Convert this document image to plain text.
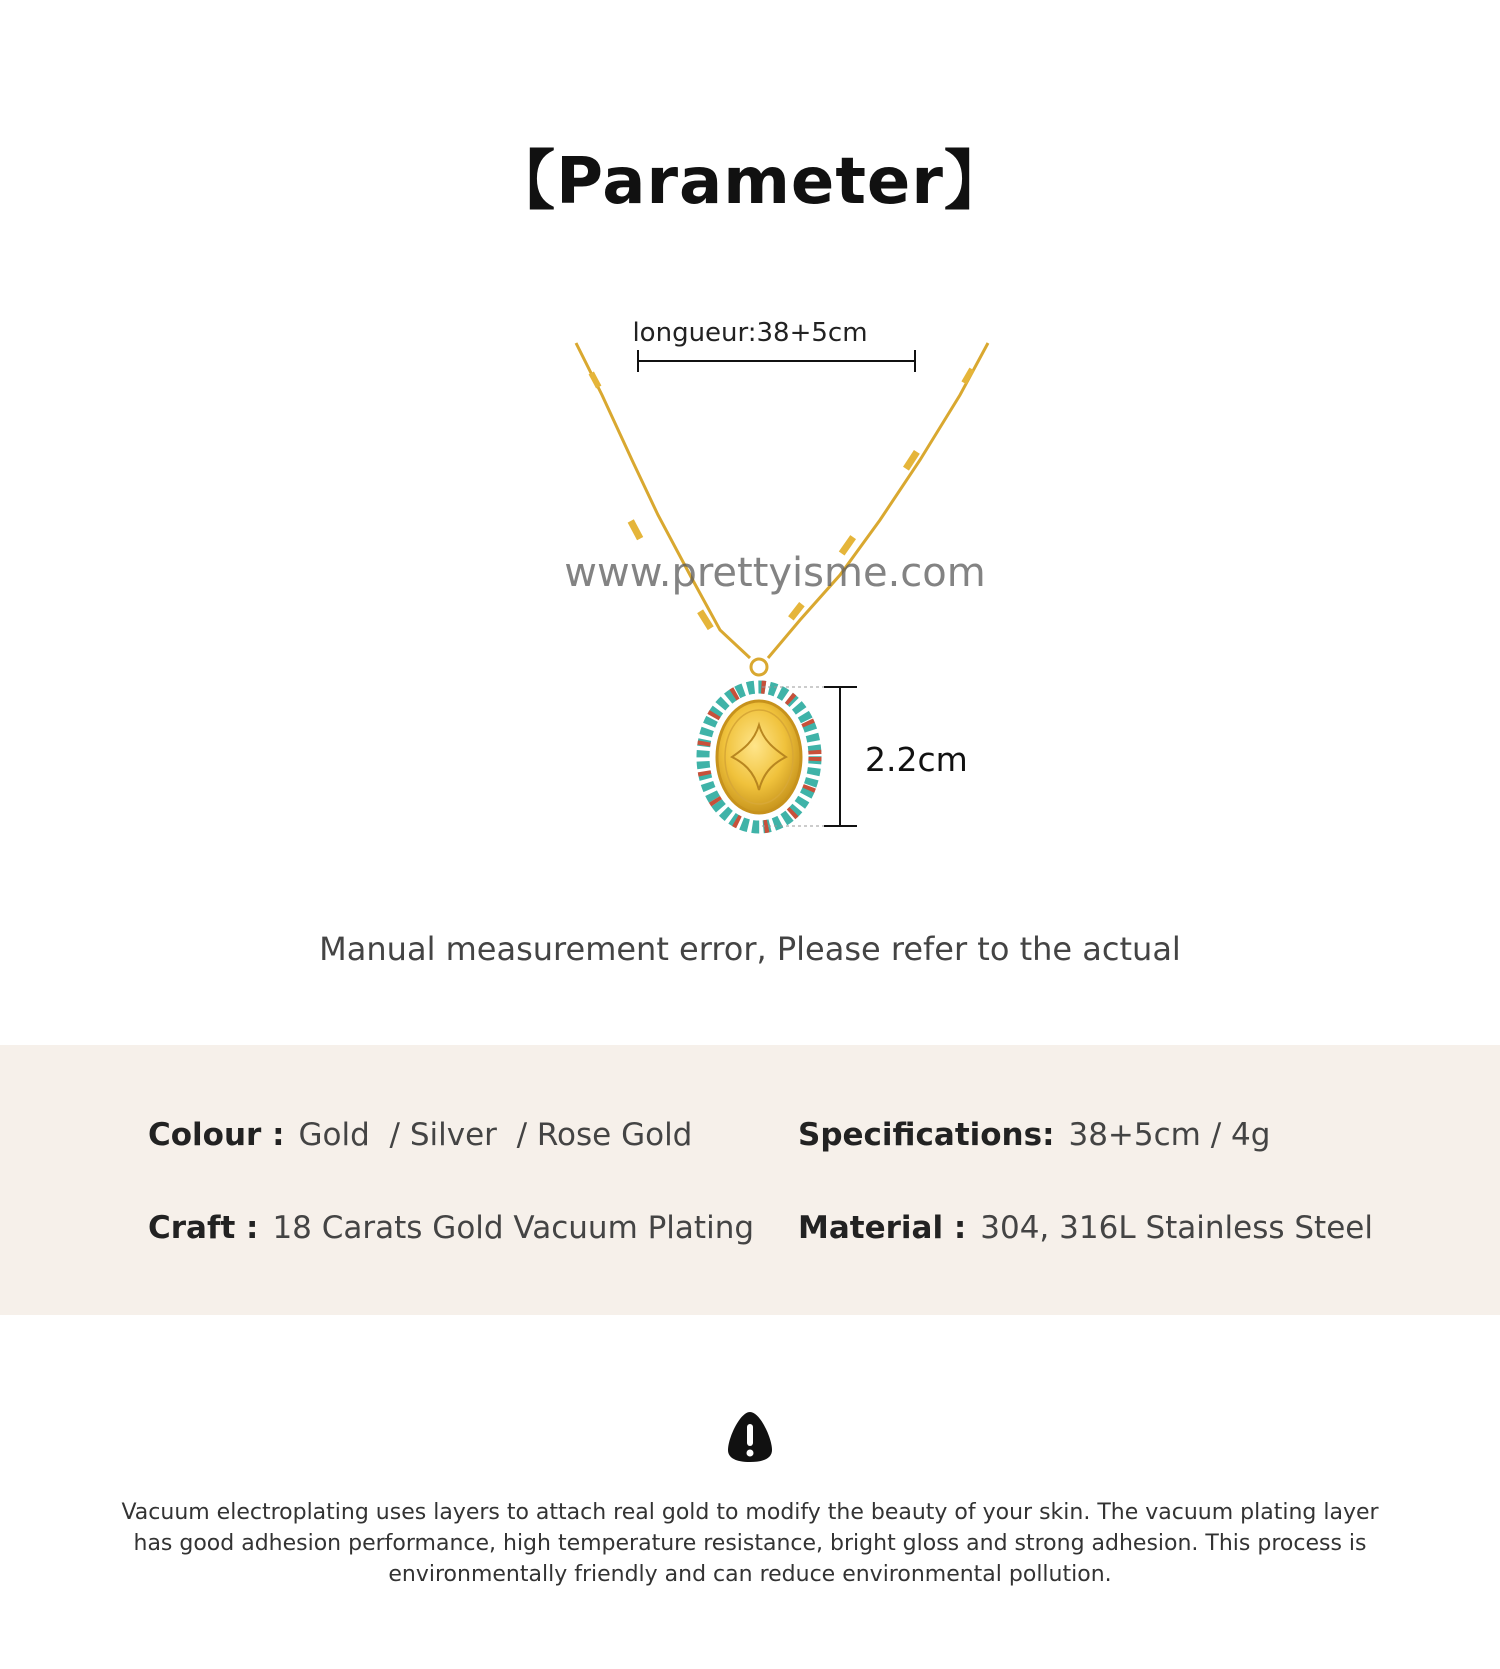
【Parameter】
longueur:38+5cm
www.prettyisme.com
2.2cm
Manual measurement error, Please refer to the actual
Colour : Gold  / Silver  / Rose Gold	Specifications: 38+5cm / 4g
Craft : 18 Carats Gold Vacuum Plating Material : 304, 316L Stainless Steel
Vacuum electroplating uses layers to attach real gold to modify the beauty of your skin. The vacuum plating layer has good adhesion performance, high temperature resistance, bright gloss and strong adhesion. This process is environmentally friendly and can reduce environmental pollution.
